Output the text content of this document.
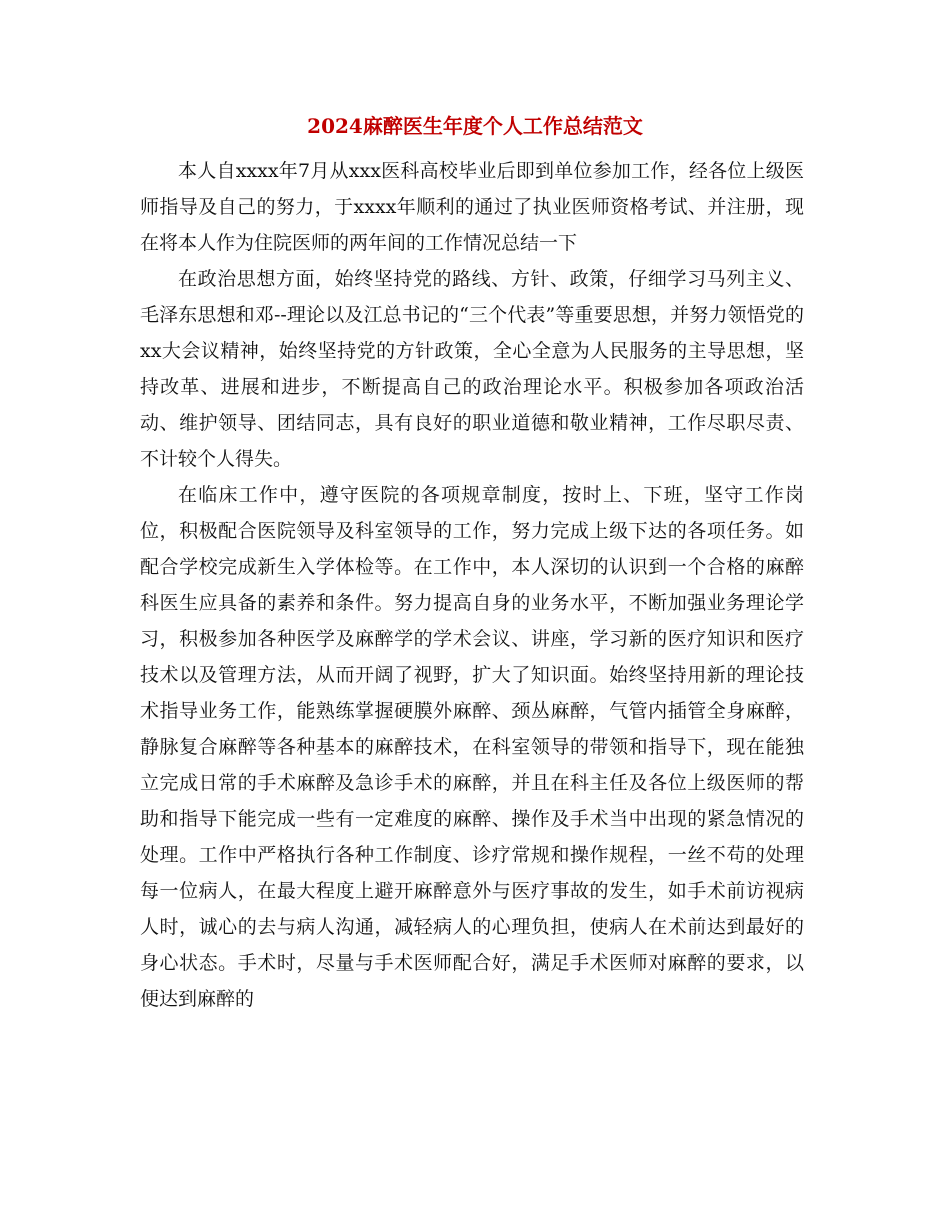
2024麻醉医生年度个人工作总结范文

本人自xxxx年7月从xxx医科高校毕业后即到单位参加工作，经各位上级医师指导及自己的努力，于xxxx年顺利的通过了执业医师资格考试、并注册，现在将本人作为住院医师的两年间的工作情况总结一下

在政治思想方面，始终坚持党的路线、方针、政策，仔细学习马列主义、毛泽东思想和邓--理论以及江总书记的“三个代表”等重要思想，并努力领悟党的xx大会议精神，始终坚持党的方针政策，全心全意为人民服务的主导思想，坚持改革、进展和进步，不断提高自己的政治理论水平。积极参加各项政治活动、维护领导、团结同志，具有良好的职业道德和敬业精神，工作尽职尽责、不计较个人得失。

在临床工作中，遵守医院的各项规章制度，按时上、下班，坚守工作岗位，积极配合医院领导及科室领导的工作，努力完成上级下达的各项任务。如配合学校完成新生入学体检等。在工作中，本人深切的认识到一个合格的麻醉科医生应具备的素养和条件。努力提高自身的业务水平，不断加强业务理论学习，积极参加各种医学及麻醉学的学术会议、讲座，学习新的医疗知识和医疗技术以及管理方法，从而开阔了视野，扩大了知识面。始终坚持用新的理论技术指导业务工作，能熟练掌握硬膜外麻醉、颈丛麻醉，气管内插管全身麻醉，静脉复合麻醉等各种基本的麻醉技术，在科室领导的带领和指导下，现在能独立完成日常的手术麻醉及急诊手术的麻醉，并且在科主任及各位上级医师的帮助和指导下能完成一些有一定难度的麻醉、操作及手术当中出现的紧急情况的处理。工作中严格执行各种工作制度、诊疗常规和操作规程，一丝不苟的处理每一位病人，在最大程度上避开麻醉意外与医疗事故的发生，如手术前访视病人时，诚心的去与病人沟通，减轻病人的心理负担，使病人在术前达到最好的身心状态。手术时，尽量与手术医师配合好，满足手术医师对麻醉的要求，以便达到麻醉的
